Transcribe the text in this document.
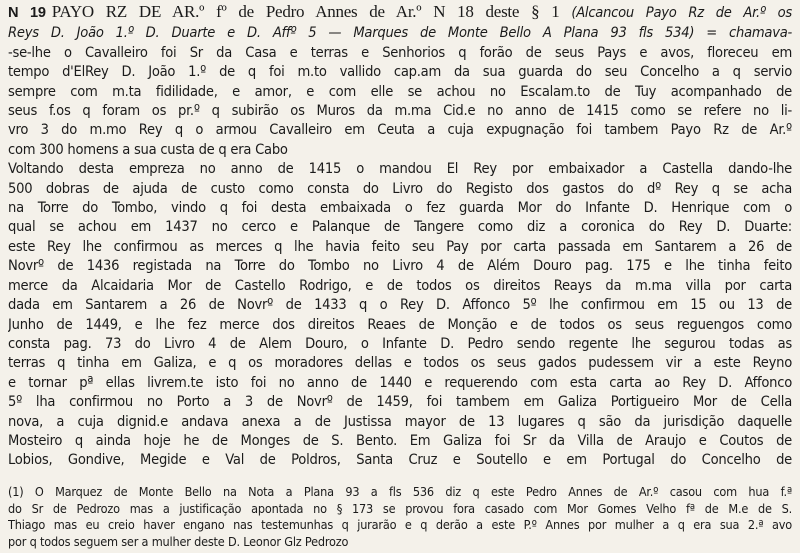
N 19 PAYO RZ DE AR.º fº de Pedro Annes de Ar.º N 18 deste § 1 (Alcancou Payo Rz de Ar.º os
Reys D. João 1.º D. Duarte e D. Affº 5 — Marques de Monte Bello A Plana 93 fls 534) = chamava-
-se-lhe o Cavalleiro foi Sr da Casa e terras e Senhorios q forão de seus Pays e avos, floreceu em
tempo d'ElRey D. João 1.º de q foi m.to vallido cap.am da sua guarda do seu Concelho a q servio
sempre com m.ta fidilidade, e amor, e com elle se achou no Escalam.to de Tuy acompanhado de
seus f.os q foram os pr.º q subirão os Muros da m.ma Cid.e no anno de 1415 como se refere no li-
vro 3 do m.mo Rey q o armou Cavalleiro em Ceuta a cuja expugnação foi tambem Payo Rz de Ar.º
com 300 homens a sua custa de q era Cabo
Voltando desta empreza no anno de 1415 o mandou El Rey por embaixador a Castella dando-lhe
500 dobras de ajuda de custo como consta do Livro do Registo dos gastos do dº Rey q se acha
na Torre do Tombo, vindo q foi desta embaixada o fez guarda Mor do Infante D. Henrique com o
qual se achou em 1437 no cerco e Palanque de Tangere como diz a coronica do Rey D. Duarte:
este Rey lhe confirmou as merces q lhe havia feito seu Pay por carta passada em Santarem a 26 de
Novrº de 1436 registada na Torre do Tombo no Livro 4 de Além Douro pag. 175 e lhe tinha feito
merce da Alcaidaria Mor de Castello Rodrigo, e de todos os direitos Reays da m.ma villa por carta
dada em Santarem a 26 de Novrº de 1433 q o Rey D. Affonco 5º lhe confirmou em 15 ou 13 de
Junho de 1449, e lhe fez merce dos direitos Reaes de Monção e de todos os seus reguengos como
consta pag. 73 do Livro 4 de Alem Douro, o Infante D. Pedro sendo regente lhe segurou todas as
terras q tinha em Galiza, e q os moradores dellas e todos os seus gados pudessem vir a este Reyno
e tornar pª ellas livrem.te isto foi no anno de 1440 e requerendo com esta carta ao Rey D. Affonco
5º lha confirmou no Porto a 3 de Novrº de 1459, foi tambem em Galiza Portigueiro Mor de Cella
nova, a cuja dignid.e andava anexa a de Justissa mayor de 13 lugares q são da jurisdição daquelle
Mosteiro q ainda hoje he de Monges de S. Bento. Em Galiza foi Sr da Villa de Araujo e Coutos de
Lobios, Gondive, Megide e Val de Poldros, Santa Cruz e Soutello e em Portugal do Concelho de
(1) O Marquez de Monte Bello na Nota a Plana 93 a fls 536 diz q este Pedro Annes de Ar.º casou com hua f.ª
do Sr de Pedrozo mas a justificação apontada no § 173 se provou fora casado com Mor Gomes Velho fª de M.e de S.
Thiago mas eu creio haver engano nas testemunhas q jurarão e q derão a este P.º Annes por mulher a q era sua 2.ª avo
por q todos seguem ser a mulher deste D. Leonor Glz Pedrozo
